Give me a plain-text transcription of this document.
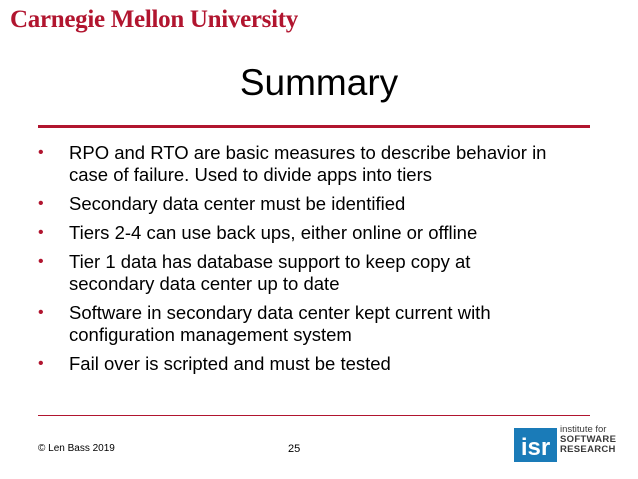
Carnegie Mellon University
Summary
• RPO and RTO are basic measures to describe behavior in
case of failure. Used to divide apps into tiers
• Secondary data center must be identified
• Tiers 2-4 can use back ups, either online or offline
• Tier 1 data has database support to keep copy at
secondary data center up to date
• Software in secondary data center kept current with
configuration management system
• Fail over is scripted and must be tested
© Len Bass 2019	25	isr
institute for
SOFTWARE
RESEARCH
